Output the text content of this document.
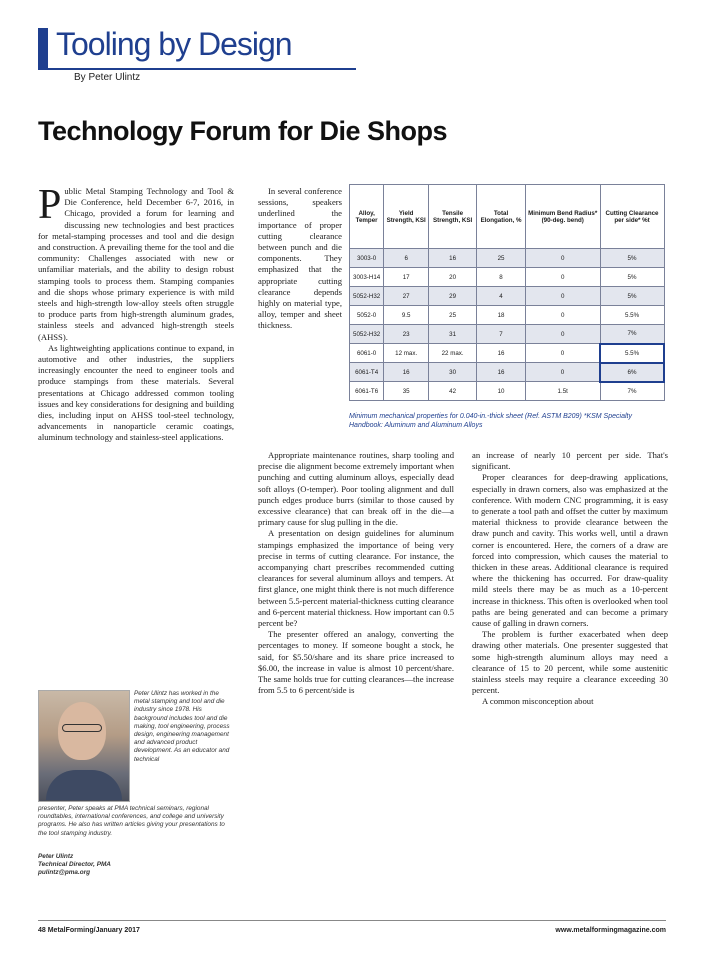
Tooling by Design
By Peter Ulintz
Technology Forum for Die Shops

Public Metal Stamping Technology and Tool & Die Conference, held December 6-7, 2016, in Chicago, provided a forum for learning and discussing new technologies and best practices for metal-stamping processes and tool and die design and construction. A prevailing theme for the tool and die community: Challenges associated with new or unfamiliar materials, and the ability to design robust stamping tools to process them. Stamping companies and die shops whose primary experience is with mild steels and high-strength low-alloy steels often struggle to produce parts from high-strength aluminum grades, stainless steels and advanced high-strength steels (AHSS).

As lightweighting applications continue to expand, in automotive and other industries, the suppliers increasingly encounter the need to engineer tools and produce stampings from these materials. Several presentations at Chicago addressed common tooling issues and key considerations for designing and building dies, including input on AHSS tool-steel technology, advancements in nanoparticle ceramic coatings, aluminum technology and stainless-steel applications.

In several conference sessions, speakers underlined the importance of proper cutting clearance between punch and die components. They emphasized that the appropriate cutting clearance depends highly on material type, alloy, temper and sheet thickness.

Alloy, Temper	Yield Strength, KSI	Tensile Strength, KSI	Total Elongation, %	Minimum Bend Radius* (90-deg. bend)	Cutting Clearance per side* %t
3003-0	6	16	25	0	5%
3003-H14	17	20	8	0	5%
5052-H32	27	29	4	0	5%
5052-0	9.5	25	18	0	5.5%
5052-H32	23	31	7	0	7%
6061-0	12 max.	22 max.	16	0	5.5%
6061-T4	16	30	16	0	6%
6061-T6	35	42	10	1.5t	7%
Minimum mechanical properties for 0.040-in.-thick sheet (Ref. ASTM B209) *KSM Specialty Handbook: Aluminum and Aluminum Alloys

Appropriate maintenance routines, sharp tooling and precise die alignment become extremely important when punching and cutting aluminum alloys, especially dead soft alloys (O-temper). Poor tooling alignment and dull punch edges produce burrs (similar to those caused by excessive clearance) that can break off in the die—a primary cause for slug pulling in the die.

A presentation on design guidelines for aluminum stampings emphasized the importance of being very precise in terms of cutting clearance. For instance, the accompanying chart prescribes recommended cutting clearances for several aluminum alloys and tempers. At first glance, one might think there is not much difference between 5.5-percent material-thickness cutting clearance and 6-percent material thickness. How important can 0.5 percent be?

The presenter offered an analogy, converting the percentages to money. If someone bought a stock, he said, for $5.50/share and its share price increased to $6.00, the increase in value is almost 10 percent/share. The same holds true for cutting clearances—the increase from 5.5 to 6 percent/side is

an increase of nearly 10 percent per side. That's significant.

Proper clearances for deep-drawing applications, especially in drawn corners, also was emphasized at the conference. With modern CNC programming, it is easy to generate a tool path and offset the cutter by maximum material thickness to provide clearance between the draw punch and cavity. This works well, until a drawn corner is encountered. Here, the corners of a draw are forced into compression, which causes the material to thicken in these areas. Additional clearance is required where the thickening has occurred. For draw-quality mild steels there may be as much as a 10-percent increase in thickness. This often is overlooked when tool paths are being generated and can become a primary cause of galling in drawn corners.

The problem is further exacerbated when deep drawing other materials. One presenter suggested that some high-strength aluminum alloys may need a clearance of 15 to 20 percent, while some austenitic stainless steels may require a clearance exceeding 30 percent.

A common misconception about

Peter Ulintz has worked in the metal stamping and tool and die industry since 1978. His background includes tool and die making, tool engineering, process design, engineering management and advanced product development. As an educator and technical
presenter, Peter speaks at PMA technical seminars, regional roundtables, international conferences, and college and university programs. He also has written articles giving your presentations to the tool stamping industry.
Peter Ulintz
Technical Director, PMA
pulintz@pma.org
48 MetalForming/January 2017	www.metalformingmagazine.com
